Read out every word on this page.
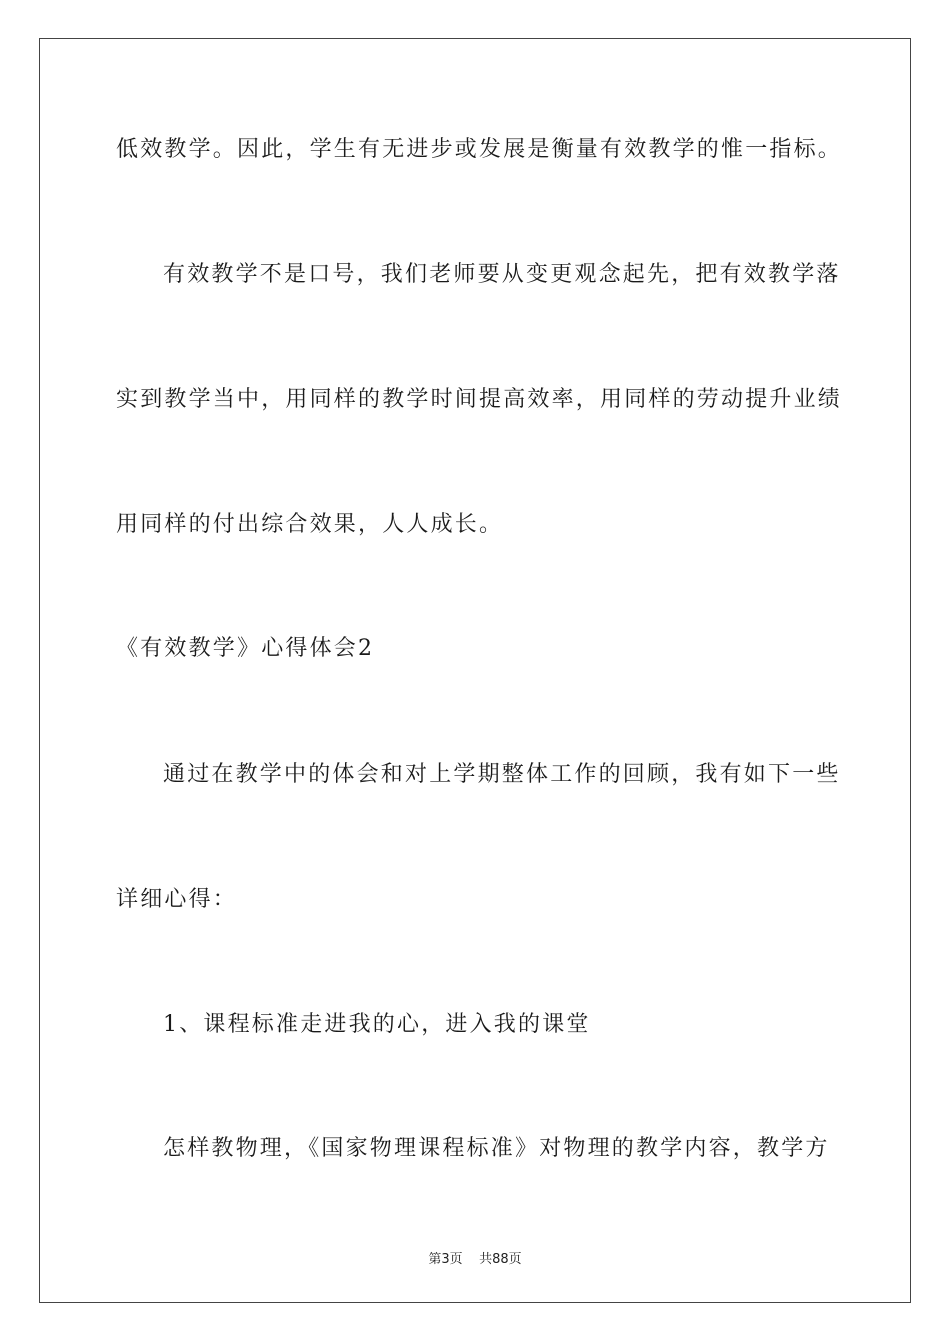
低效教学。因此，学生有无进步或发展是衡量有效教学的惟一指标。
有效教学不是口号，我们老师要从变更观念起先，把有效教学落
实到教学当中，用同样的教学时间提高效率，用同样的劳动提升业绩
用同样的付出综合效果，人人成长。
《有效教学》心得体会2
通过在教学中的体会和对上学期整体工作的回顾，我有如下一些
详细心得：
1、课程标准走进我的心，进入我的课堂
怎样教物理，《国家物理课程标准》对物理的教学内容，教学方
第3页 共88页
